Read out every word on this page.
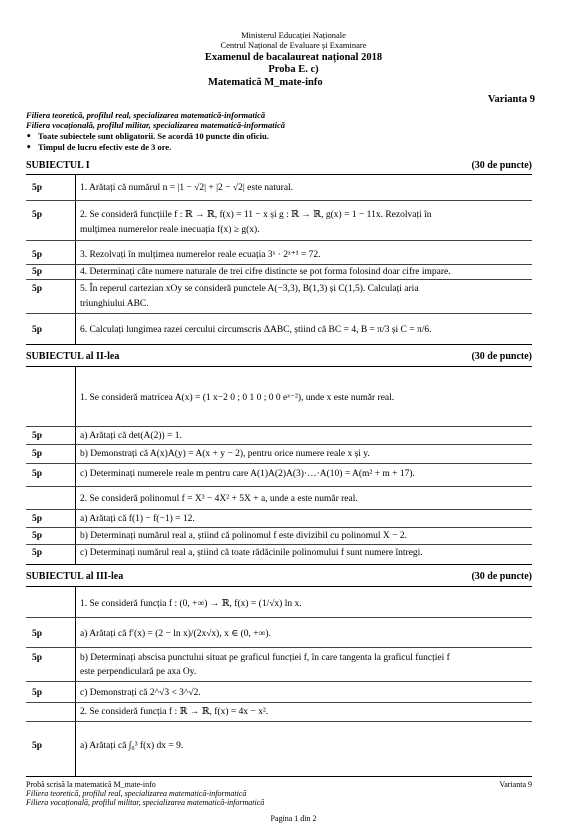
Ministerul Educației Naționale
Centrul Național de Evaluare și Examinare
Examenul de bacalaureat național 2018
Proba E. c)
Matematică M_mate-info
Varianta 9
Filiera teoretică, profilul real, specializarea matematică-informatică
Filiera vocațională, profilul militar, specializarea matematică-informatică
• Toate subiectele sunt obligatorii. Se acordă 10 puncte din oficiu.
• Timpul de lucru efectiv este de 3 ore.
SUBIECTUL I	(30 de puncte)
5p	1. Arătați că numărul n = |1 − √2| + |2 − √2| este natural.
5p	2. Se consideră funcțiile f : ℝ → ℝ, f(x) = 11 − x și g : ℝ → ℝ, g(x) = 1 − 11x. Rezolvați în
mulțimea numerelor reale inecuația f(x) ≥ g(x).
5p	3. Rezolvați în mulțimea numerelor reale ecuația 3ˣ · 2ˣ⁺¹ = 72.
5p	4. Determinați câte numere naturale de trei cifre distincte se pot forma folosind doar cifre impare.
5p	5. În reperul cartezian xOy se consideră punctele A(−3,3), B(1,3) și C(1,5). Calculați aria
triunghiului ABC.
5p	6. Calculați lungimea razei cercului circumscris ΔABC, știind că BC = 4, B = π/3 și C = π/6.
SUBIECTUL al II-lea	(30 de puncte)
1. Se consideră matricea A(x) = (1 x−2 0 ; 0 1 0 ; 0 0 eˣ⁻²), unde x este număr real.
5p	a) Arătați că det(A(2)) = 1.
5p	b) Demonstrați că A(x)A(y) = A(x + y − 2), pentru orice numere reale x și y.
5p	c) Determinați numerele reale m pentru care A(1)A(2)A(3)·…·A(10) = A(m² + m + 17).
2. Se consideră polinomul f = X³ − 4X² + 5X + a, unde a este număr real.
5p	a) Arătați că f(1) − f(−1) = 12.
5p	b) Determinați numărul real a, știind că polinomul f este divizibil cu polinomul X − 2.
5p	c) Determinați numărul real a, știind că toate rădăcinile polinomului f sunt numere întregi.
SUBIECTUL al III-lea	(30 de puncte)
1. Se consideră funcția f : (0, +∞) → ℝ, f(x) = (1/√x) ln x.
5p	a) Arătați că f′(x) = (2 − ln x)/(2x√x), x ∈ (0, +∞).
5p	b) Determinați abscisa punctului situat pe graficul funcției f, în care tangenta la graficul funcției f
este perpendiculară pe axa Oy.
5p	c) Demonstrați că 2^√3 < 3^√2.
2. Se consideră funcția f : ℝ → ℝ, f(x) = 4x − x².
5p	a) Arătați că ∫₀³ f(x) dx = 9.
Probă scrisă la matematică M_mate-info
Filiera teoretică, profilul real, specializarea matematică-informatică
Filiera vocațională, profilul militar, specializarea matematică-informatică
Varianta 9
Pagina 1 din 2
